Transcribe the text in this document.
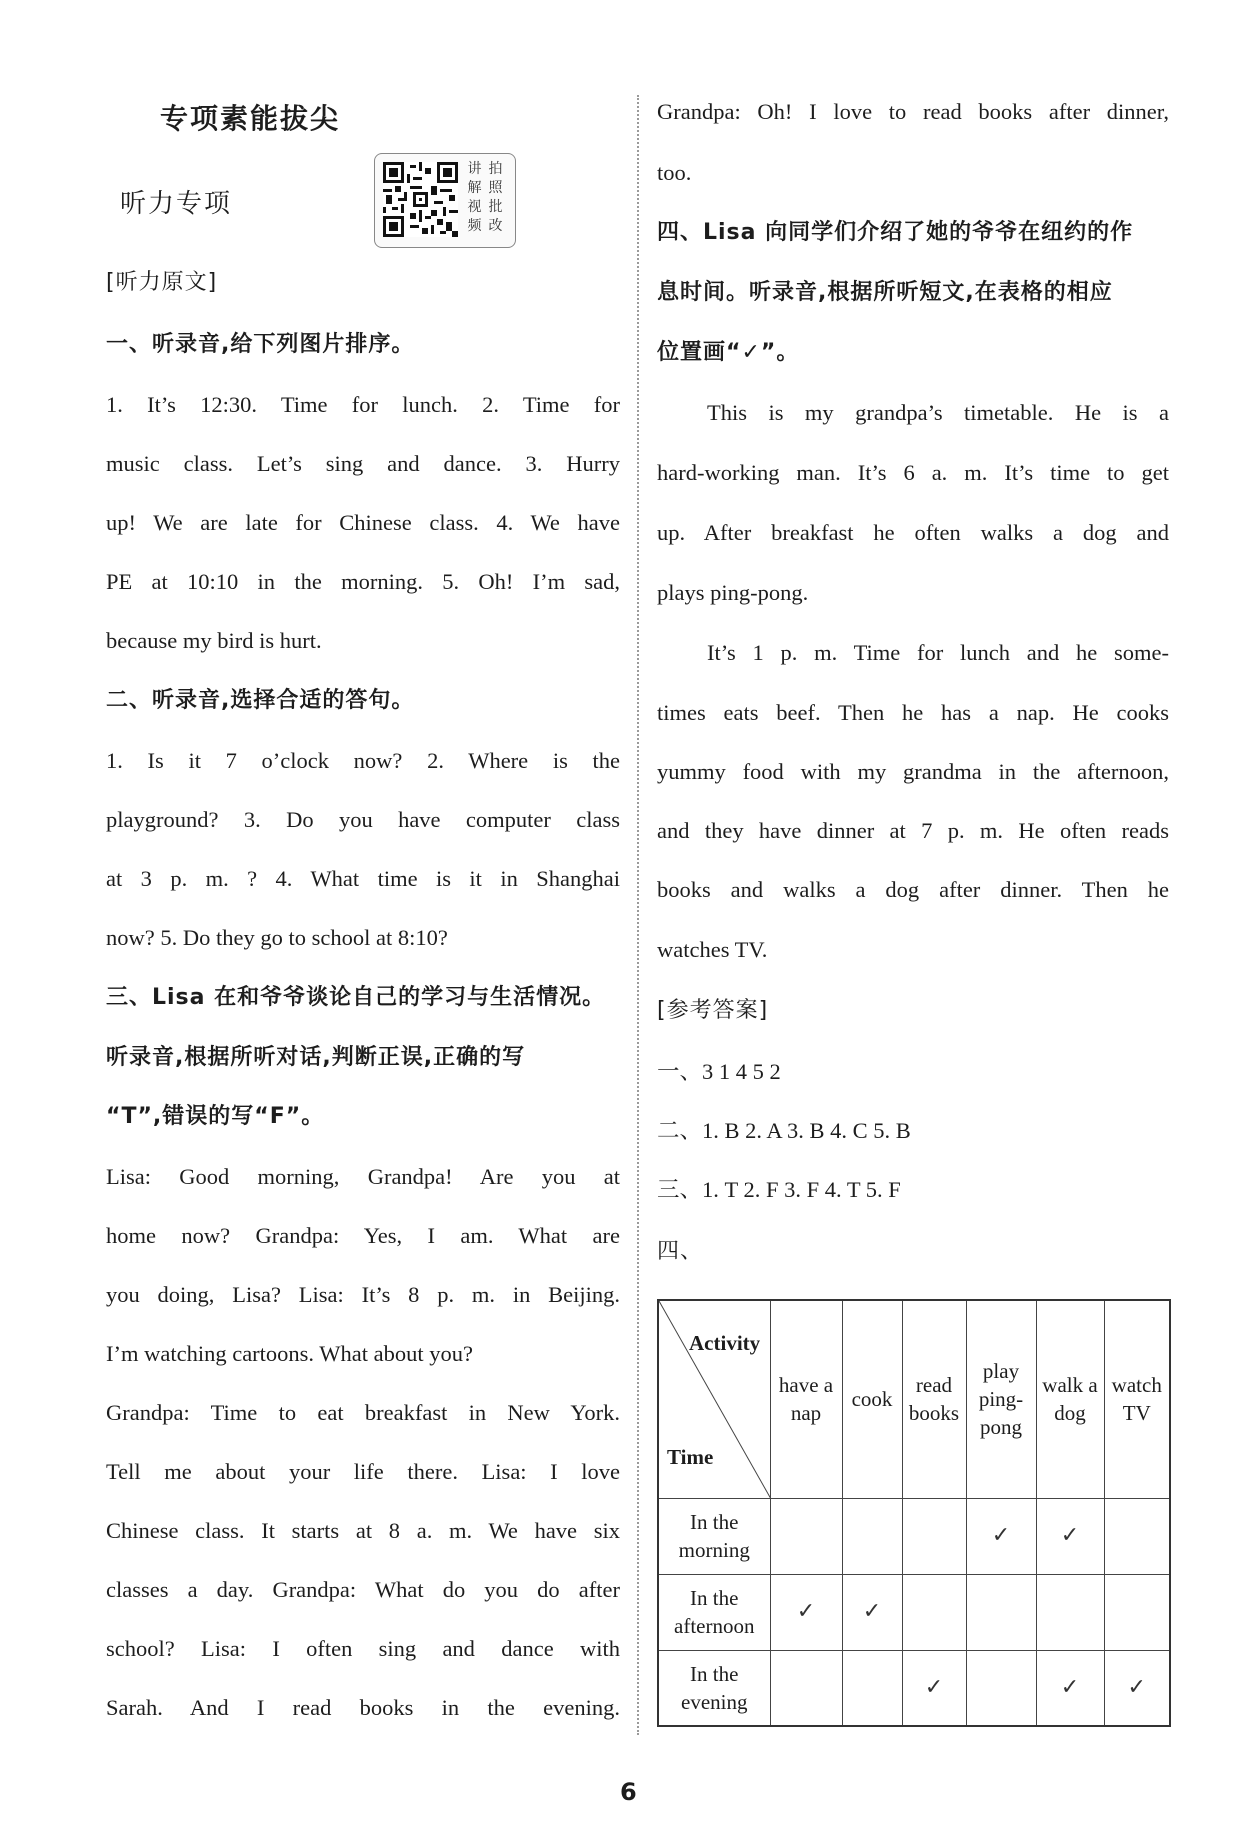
专项素能拔尖
听力专项
讲 拍 解 照 视 批 频 改
[听力原文]
一、听录音,给下列图片排序。
1. It’s 12:30. Time for lunch. 2. Time for
music class. Let’s sing and dance. 3. Hurry
up! We are late for Chinese class. 4. We have
PE at 10:10 in the morning. 5. Oh! I’m sad,
because my bird is hurt.
二、听录音,选择合适的答句。
1. Is it 7 o’clock now? 2. Where is the
playground? 3. Do you have computer class
at 3 p. m. ? 4. What time is it in Shanghai
now? 5. Do they go to school at 8:10?
三、Lisa 在和爷爷谈论自己的学习与生活情况。
听录音,根据所听对话,判断正误,正确的写
“T”,错误的写“F”。
Lisa: Good morning, Grandpa! Are you at
home now? Grandpa: Yes, I am. What are
you doing, Lisa? Lisa: It’s 8 p. m. in Beijing.
I’m watching cartoons. What about you?
Grandpa: Time to eat breakfast in New York.
Tell me about your life there. Lisa: I love
Chinese class. It starts at 8 a. m. We have six
classes a day. Grandpa: What do you do after
school? Lisa: I often sing and dance with
Sarah. And I read books in the evening.
Grandpa: Oh! I love to read books after dinner,
too.
四、Lisa 向同学们介绍了她的爷爷在纽约的作
息时间。听录音,根据所听短文,在表格的相应
位置画“✓”。
This is my grandpa’s timetable. He is a
hard-working man. It’s 6 a. m. It’s time to get
up. After breakfast he often walks a dog and
plays ping-pong.
It’s 1 p. m. Time for lunch and he some-
times eats beef. Then he has a nap. He cooks
yummy food with my grandma in the afternoon,
and they have dinner at 7 p. m. He often reads
books and walks a dog after dinner. Then he
watches TV.
[参考答案]
一、3 1 4 5 2
二、1. B 2. A 3. B 4. C 5. B
三、1. T 2. F 3. F 4. T 5. F
四、
Activity
Time	have a nap	cook	read books	play ping-pong	walk a dog	watch TV
In the morning				✓	✓	
In the afternoon	✓	✓				
In the evening			✓		✓	✓
6
